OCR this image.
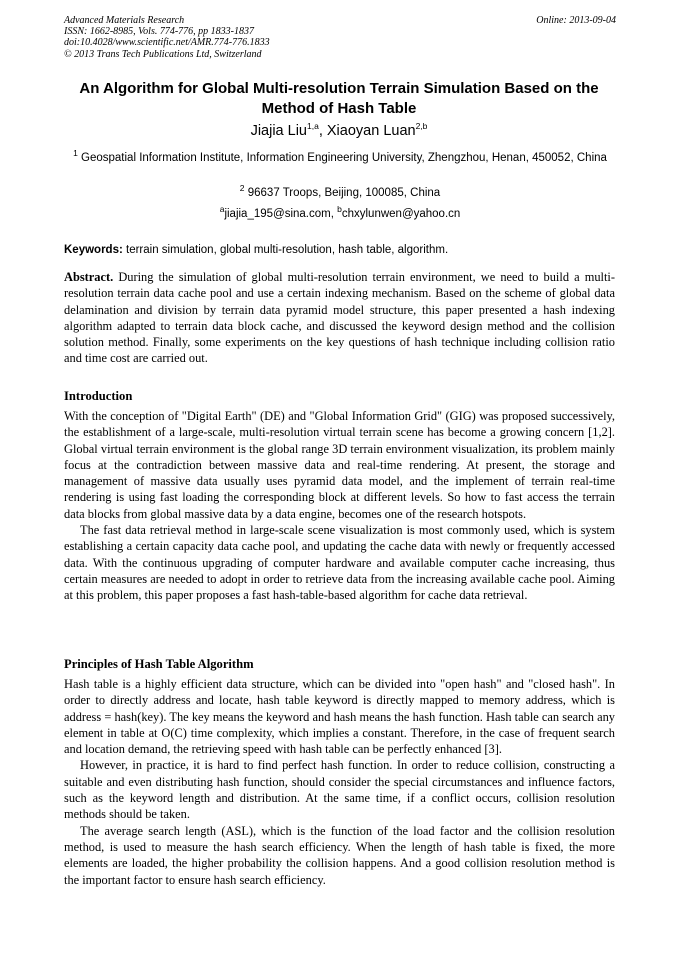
Advanced Materials Research
ISSN: 1662-8985, Vols. 774-776, pp 1833-1837
doi:10.4028/www.scientific.net/AMR.774-776.1833
© 2013 Trans Tech Publications Ltd, Switzerland
Online: 2013-09-04
An Algorithm for Global Multi-resolution Terrain Simulation Based on the Method of Hash Table
Jiajia Liu$^{1,a}$, Xiaoyan Luan$^{2,b}$
$^1$ Geospatial Information Institute, Information Engineering University, Zhengzhou, Henan, 450052, China
$^2$ 96637 Troops, Beijing, 100085, China
$^a$jiajia_195@sina.com, $^b$chxylunwen@yahoo.cn
Keywords: terrain simulation, global multi-resolution, hash table, algorithm.

Abstract. During the simulation of global multi-resolution terrain environment, we need to build a multi-resolution terrain data cache pool and use a certain indexing mechanism. Based on the scheme of global data delamination and division by terrain data pyramid model structure, this paper presented a hash indexing algorithm adapted to terrain data block cache, and discussed the keyword design method and the collision solution method. Finally, some experiments on the key questions of hash technique including collision ratio and time cost are carried out.

Introduction

With the conception of "Digital Earth" (DE) and "Global Information Grid" (GIG) was proposed successively, the establishment of a large-scale, multi-resolution virtual terrain scene has become a growing concern [1,2]. Global virtual terrain environment is the global range 3D terrain environment visualization, its problem mainly focus at the contradiction between massive data and real-time rendering. At present, the storage and management of massive data usually uses pyramid data model, and the implement of terrain real-time rendering is using fast loading the corresponding block at different levels. So how to fast access the terrain data blocks from global massive data by a data engine, becomes one of the research hotspots.

The fast data retrieval method in large-scale scene visualization is most commonly used, which is system establishing a certain capacity data cache pool, and updating the cache data with newly or frequently accessed data. With the continuous upgrading of computer hardware and available computer cache increasing, thus certain measures are needed to adopt in order to retrieve data from the increasing available cache pool. Aiming at this problem, this paper proposes a fast hash-table-based algorithm for cache data retrieval.

Principles of Hash Table Algorithm

Hash table is a highly efficient data structure, which can be divided into "open hash" and "closed hash". In order to directly address and locate, hash table keyword is directly mapped to memory address, which is address = hash(key). The key means the keyword and hash means the hash function. Hash table can search any element in table at O(C) time complexity, which implies a constant. Therefore, in the case of frequent search and location demand, the retrieving speed with hash table can be perfectly enhanced [3].

However, in practice, it is hard to find perfect hash function. In order to reduce collision, constructing a suitable and even distributing hash function, should consider the special circumstances and influence factors, such as the keyword length and distribution. At the same time, if a conflict occurs, collision resolution methods should be taken.

The average search length (ASL), which is the function of the load factor and the collision resolution method, is used to measure the hash search efficiency. When the length of hash table is fixed, the more elements are loaded, the higher probability the collision happens. And a good collision resolution method is the important factor to ensure hash search efficiency.
